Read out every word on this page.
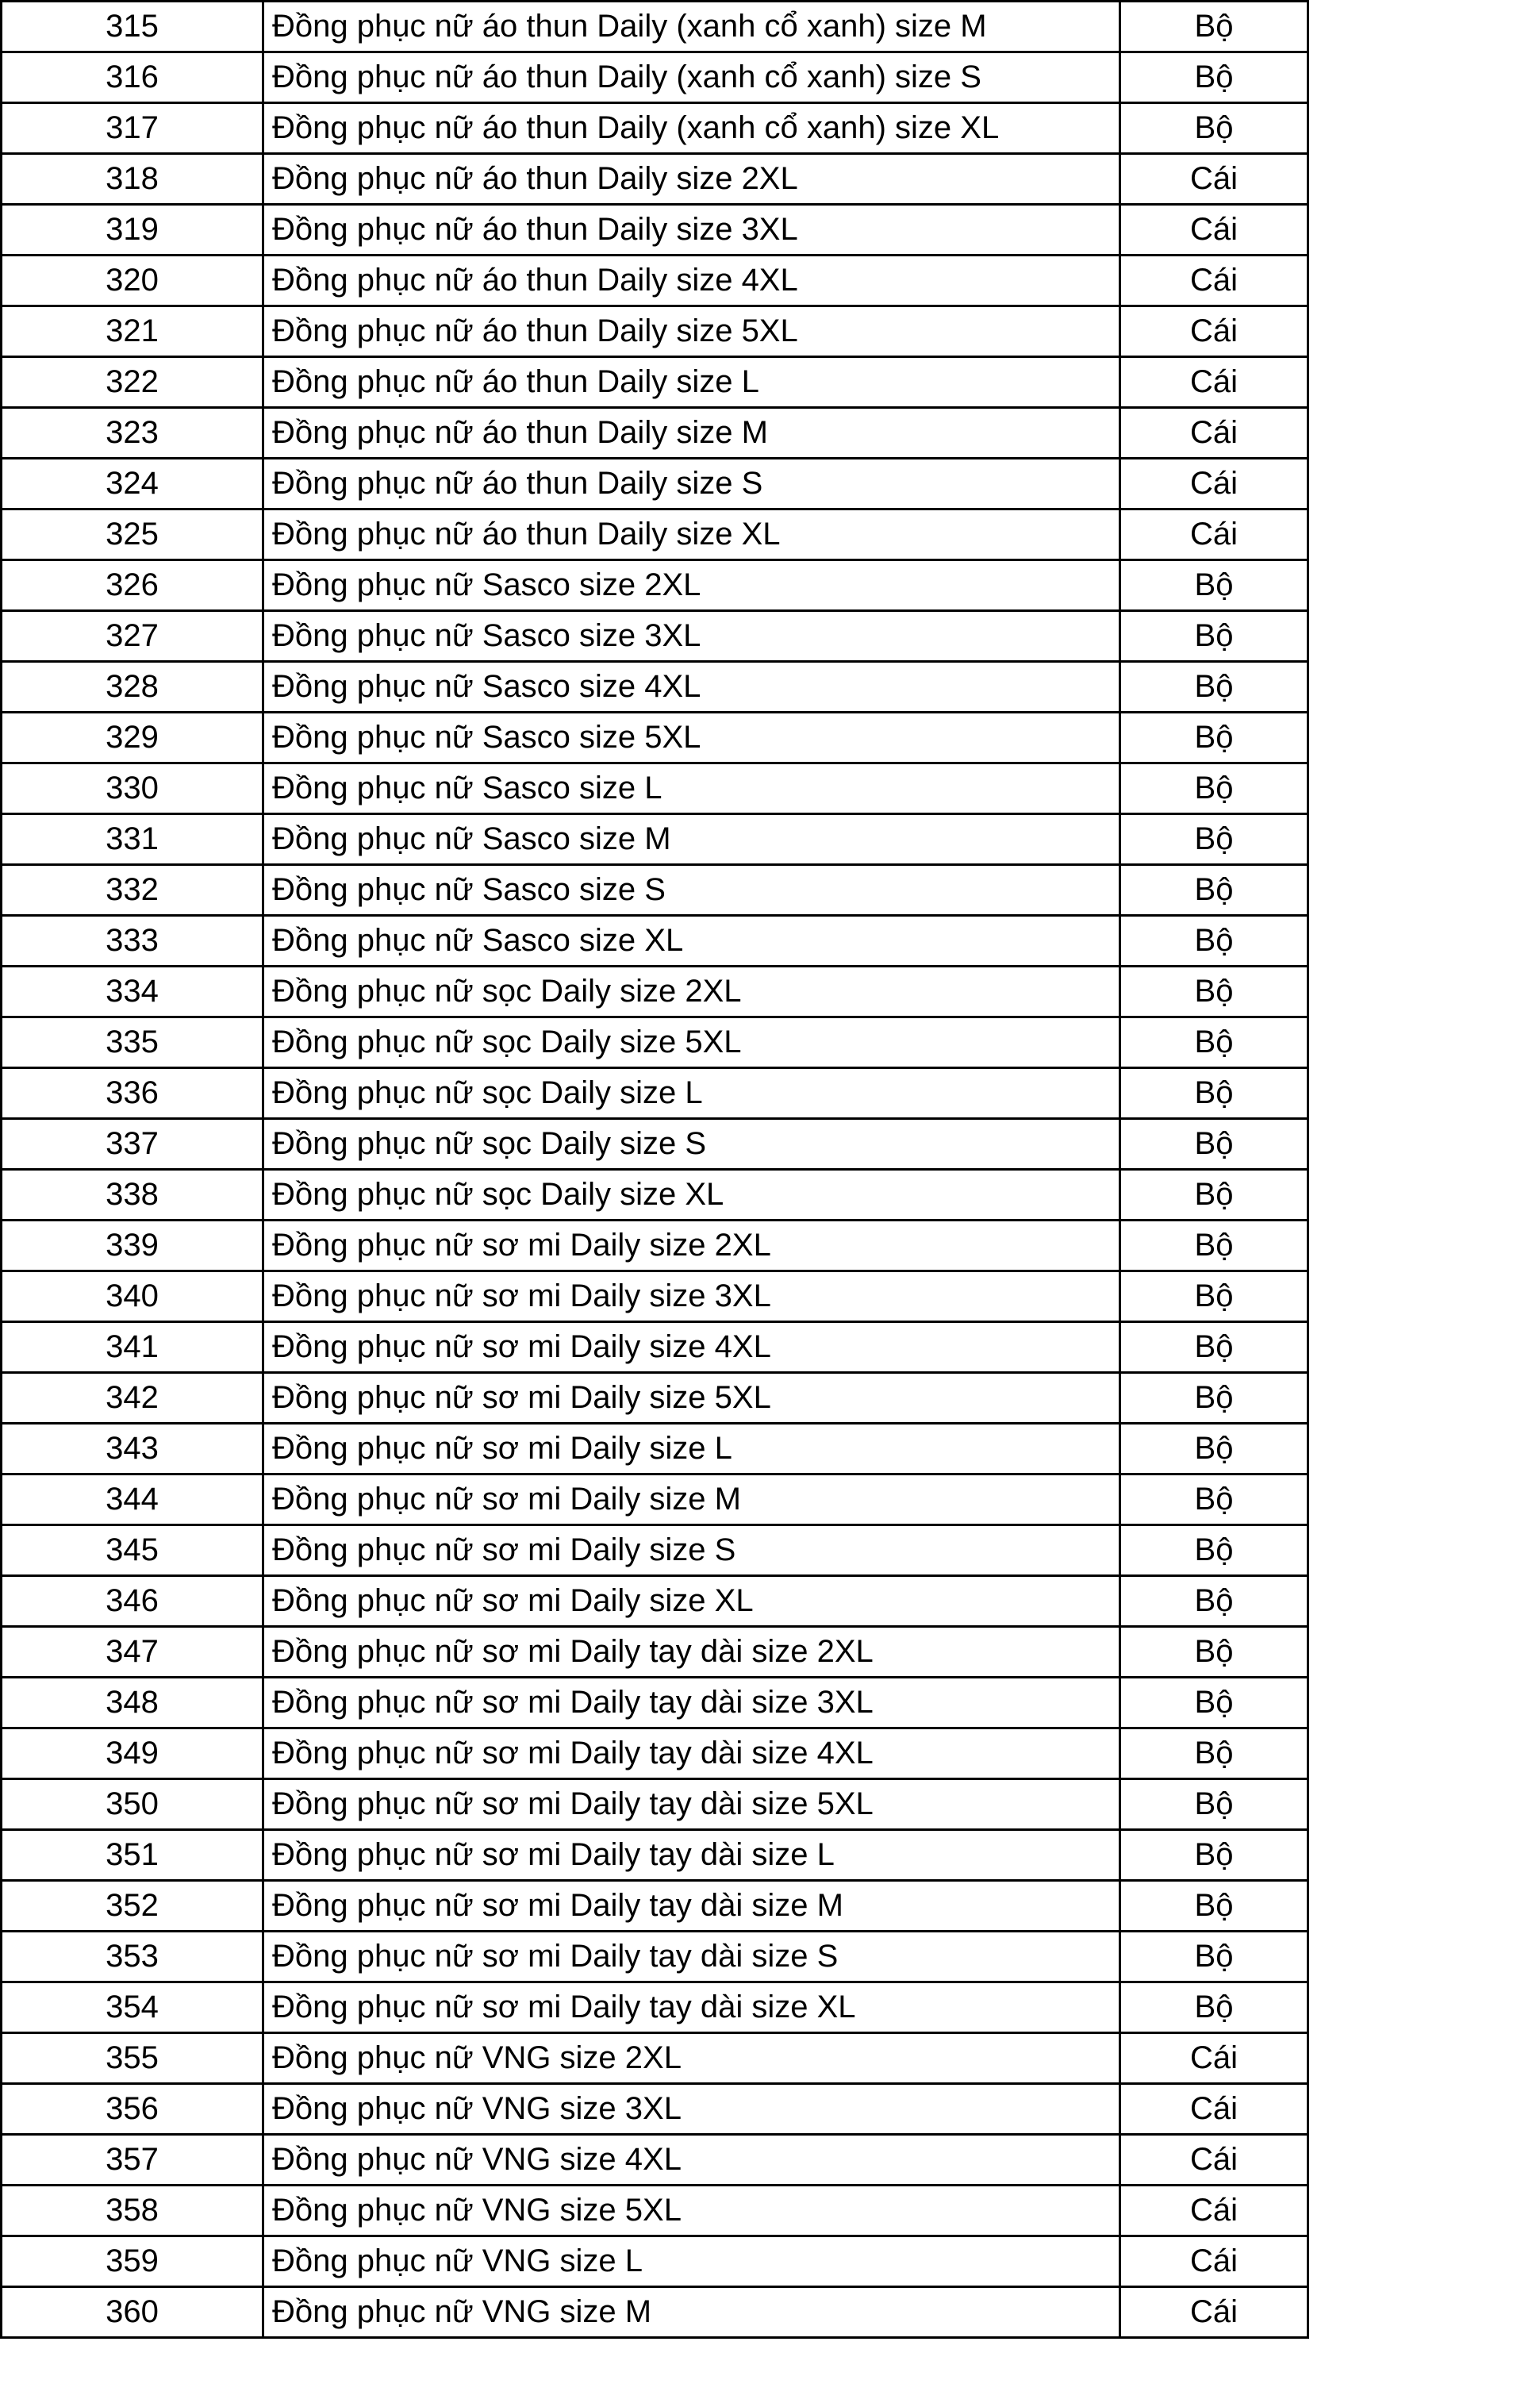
315	Đồng phục nữ áo thun Daily (xanh cổ xanh) size M	Bộ
316	Đồng phục nữ áo thun Daily (xanh cổ xanh) size S	Bộ
317	Đồng phục nữ áo thun Daily (xanh cổ xanh) size XL	Bộ
318	Đồng phục nữ áo thun Daily size 2XL	Cái
319	Đồng phục nữ áo thun Daily size 3XL	Cái
320	Đồng phục nữ áo thun Daily size 4XL	Cái
321	Đồng phục nữ áo thun Daily size 5XL	Cái
322	Đồng phục nữ áo thun Daily size L	Cái
323	Đồng phục nữ áo thun Daily size M	Cái
324	Đồng phục nữ áo thun Daily size S	Cái
325	Đồng phục nữ áo thun Daily size XL	Cái
326	Đồng phục nữ Sasco size 2XL	Bộ
327	Đồng phục nữ Sasco size 3XL	Bộ
328	Đồng phục nữ Sasco size 4XL	Bộ
329	Đồng phục nữ Sasco size 5XL	Bộ
330	Đồng phục nữ Sasco size L	Bộ
331	Đồng phục nữ Sasco size M	Bộ
332	Đồng phục nữ Sasco size S	Bộ
333	Đồng phục nữ Sasco size XL	Bộ
334	Đồng phục nữ sọc Daily size 2XL	Bộ
335	Đồng phục nữ sọc Daily size 5XL	Bộ
336	Đồng phục nữ sọc Daily size L	Bộ
337	Đồng phục nữ sọc Daily size S	Bộ
338	Đồng phục nữ sọc Daily size XL	Bộ
339	Đồng phục nữ sơ mi Daily size 2XL	Bộ
340	Đồng phục nữ sơ mi Daily size 3XL	Bộ
341	Đồng phục nữ sơ mi Daily size 4XL	Bộ
342	Đồng phục nữ sơ mi Daily size 5XL	Bộ
343	Đồng phục nữ sơ mi Daily size L	Bộ
344	Đồng phục nữ sơ mi Daily size M	Bộ
345	Đồng phục nữ sơ mi Daily size S	Bộ
346	Đồng phục nữ sơ mi Daily size XL	Bộ
347	Đồng phục nữ sơ mi Daily tay dài size 2XL	Bộ
348	Đồng phục nữ sơ mi Daily tay dài size 3XL	Bộ
349	Đồng phục nữ sơ mi Daily tay dài size 4XL	Bộ
350	Đồng phục nữ sơ mi Daily tay dài size 5XL	Bộ
351	Đồng phục nữ sơ mi Daily tay dài size L	Bộ
352	Đồng phục nữ sơ mi Daily tay dài size M	Bộ
353	Đồng phục nữ sơ mi Daily tay dài size S	Bộ
354	Đồng phục nữ sơ mi Daily tay dài size XL	Bộ
355	Đồng phục nữ VNG size 2XL	Cái
356	Đồng phục nữ VNG size 3XL	Cái
357	Đồng phục nữ VNG size 4XL	Cái
358	Đồng phục nữ VNG size 5XL	Cái
359	Đồng phục nữ VNG size L	Cái
360	Đồng phục nữ VNG size M	Cái
